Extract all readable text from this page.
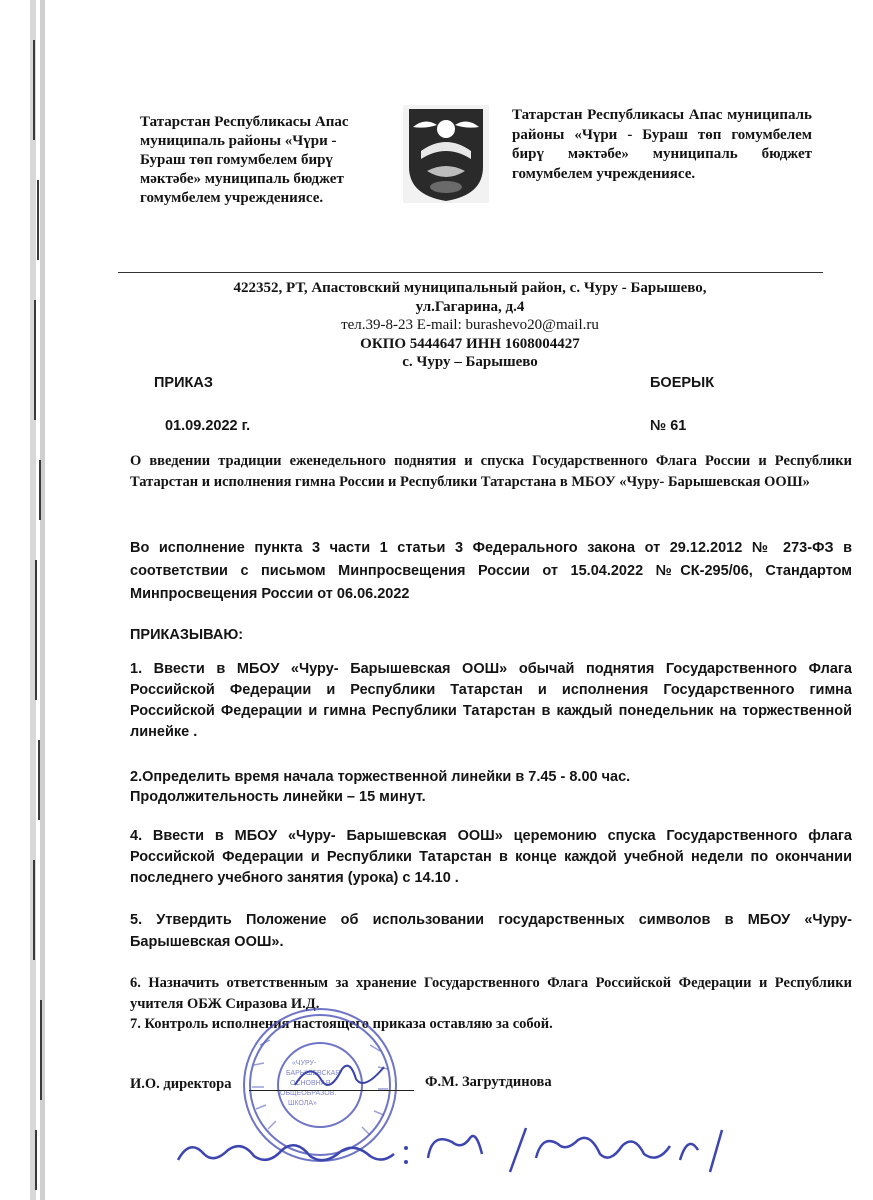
Татарстан Республикасы Апас муниципаль районы «Чүри - Бураш төп гомумбелем бирү мәктәбе» муниципаль бюджет гомумбелем учреждениясе.
Татарстан Республикасы Апас муниципаль районы «Чүри - Бураш төп гомумбелем бирү мәктәбе» муниципаль бюджет гомумбелем учреждениясе.
422352, РТ, Апастовский муниципальный район, с. Чуру - Барышево,
ул.Гагарина, д.4
тел.39-8-23 E-mail: burashevo20@mail.ru
ОКПО 5444647 ИНН 1608004427
с. Чуру – Барышево
ПРИКАЗ	БОЕРЫК
01.09.2022 г.	№ 61
О введении традиции еженедельного поднятия и спуска Государственного Флага России и Республики Татарстан и исполнения гимна России и Республики Татарстана в МБОУ «Чуру- Барышевская ООШ»
Во исполнение пункта 3 части 1 статьи 3 Федерального закона от 29.12.2012 № 273-ФЗ в соответствии с письмом Минпросвещения России от 15.04.2022 №СК-295/06, Стандартом Минпросвещения России от 06.06.2022
ПРИКАЗЫВАЮ:
1. Ввести в МБОУ «Чуру- Барышевская ООШ» обычай поднятия Государственного Флага Российской Федерации и Республики Татарстан и исполнения Государственного гимна Российской Федерации и гимна Республики Татарстан в каждый понедельник на торжественной линейке .
2.Определить время начала торжественной линейки в 7.45 - 8.00 час.
Продолжительность линейки – 15 минут.
4. Ввести в МБОУ «Чуру- Барышевская ООШ» церемонию спуска Государственного флага Российской Федерации и Республики Татарстан в конце каждой учебной недели по окончании последнего учебного занятия (урока) с 14.10 .
5. Утвердить Положение об использовании государственных символов в МБОУ «Чуру- Барышевская ООШ».
6. Назначить ответственным за хранение Государственного Флага Российской Федерации и Республики учителя ОБЖ Сиразова И.Д.
7. Контроль исполнения настоящего приказа оставляю за собой.
«ЧУРУ-
БАРЫШЕВСКАЯ
ОСНОВНАЯ
ОБЩЕОБРАЗОВ.
ШКОЛА»
И.О. директора	Ф.М. Загрутдинова
